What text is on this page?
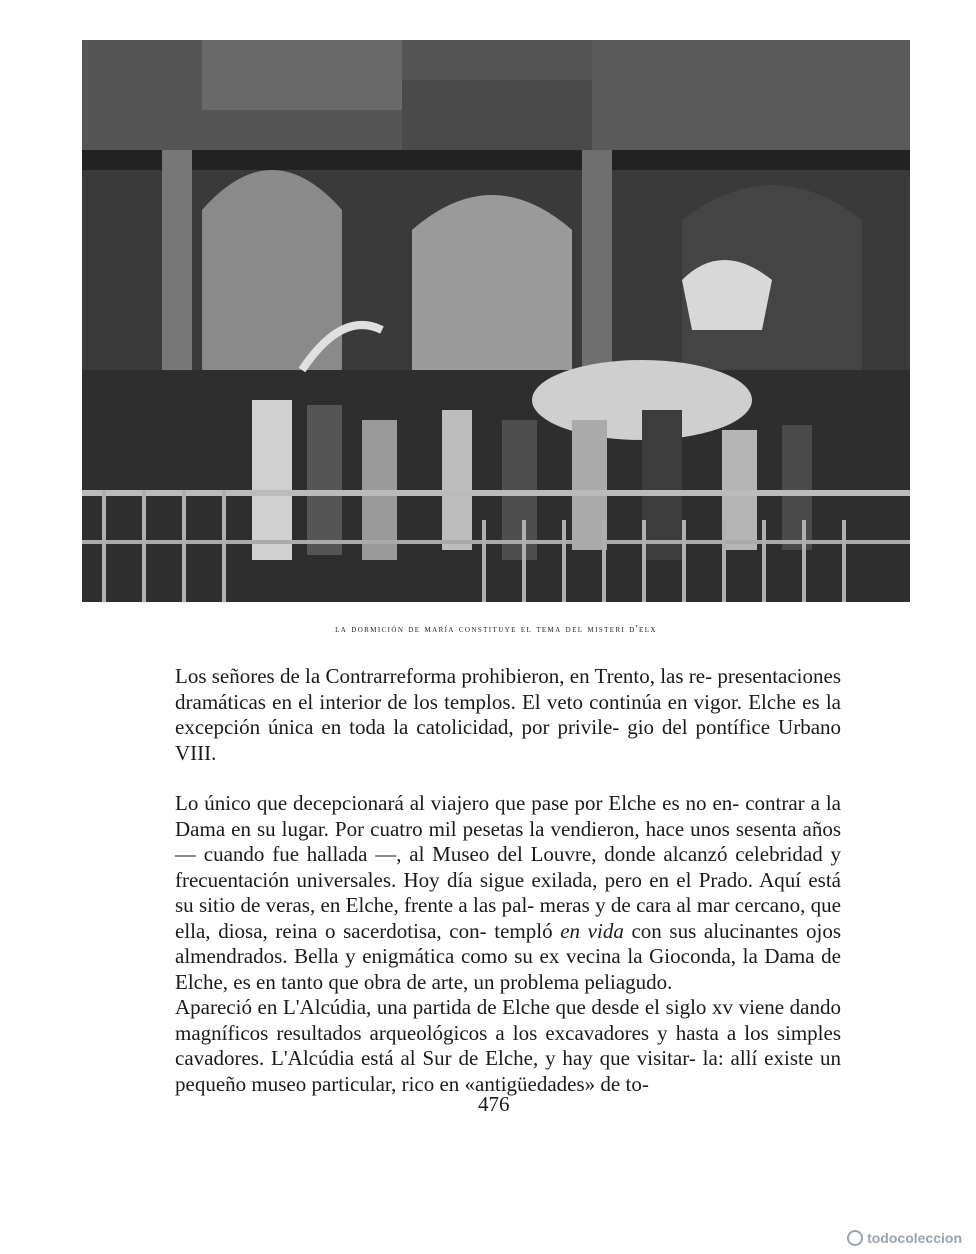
la dormición de maría constituye el tema del misteri d'elx

Los señores de la Contrarreforma prohibieron, en Trento, las re- presentaciones dramáticas en el interior de los templos. El veto continúa en vigor. Elche es la excepción única en toda la catolicidad, por privile- gio del pontífice Urbano VIII.

Lo único que decepcionará al viajero que pase por Elche es no en- contrar a la Dama en su lugar. Por cuatro mil pesetas la vendieron, hace unos sesenta años — cuando fue hallada —, al Museo del Louvre, donde alcanzó celebridad y frecuentación universales. Hoy día sigue exilada, pero en el Prado. Aquí está su sitio de veras, en Elche, frente a las pal- meras y de cara al mar cercano, que ella, diosa, reina o sacerdotisa, con- templó en vida con sus alucinantes ojos almendrados. Bella y enigmática como su ex vecina la Gioconda, la Dama de Elche, es en tanto que obra de arte, un problema peliagudo.

Apareció en L'Alcúdia, una partida de Elche que desde el siglo xv viene dando magníficos resultados arqueológicos a los excavadores y hasta a los simples cavadores. L'Alcúdia está al Sur de Elche, y hay que visitar- la: allí existe un pequeño museo particular, rico en «antigüedades» de to-

476
todocoleccion
